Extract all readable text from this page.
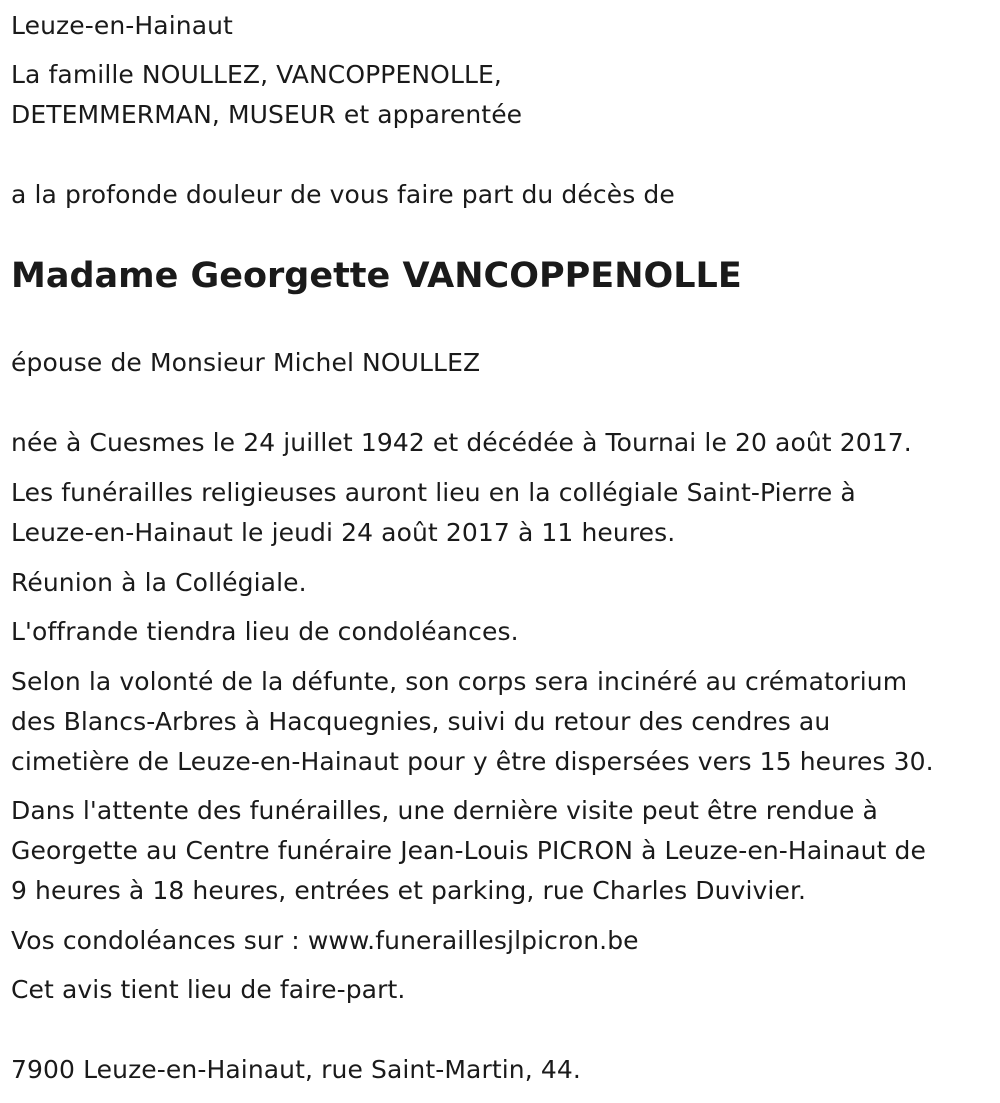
Leuze-en-Hainaut
La famille NOULLEZ, VANCOPPENOLLE,
DETEMMERMAN, MUSEUR et apparentée
a la profonde douleur de vous faire part du décès de
Madame Georgette VANCOPPENOLLE
épouse de Monsieur Michel NOULLEZ
née à Cuesmes le 24 juillet 1942 et décédée à Tournai le 20 août 2017.
Les funérailles religieuses auront lieu en la collégiale Saint-Pierre à
Leuze-en-Hainaut le jeudi 24 août 2017 à 11 heures.
Réunion à la Collégiale.
L'offrande tiendra lieu de condoléances.
Selon la volonté de la défunte, son corps sera incinéré au crématorium
des Blancs-Arbres à Hacquegnies, suivi du retour des cendres au
cimetière de Leuze-en-Hainaut pour y être dispersées vers 15 heures 30.
Dans l'attente des funérailles, une dernière visite peut être rendue à
Georgette au Centre funéraire Jean-Louis PICRON à Leuze-en-Hainaut de
9 heures à 18 heures, entrées et parking, rue Charles Duvivier.
Vos condoléances sur : www.funeraillesjlpicron.be
Cet avis tient lieu de faire-part.
7900 Leuze-en-Hainaut, rue Saint-Martin, 44.
